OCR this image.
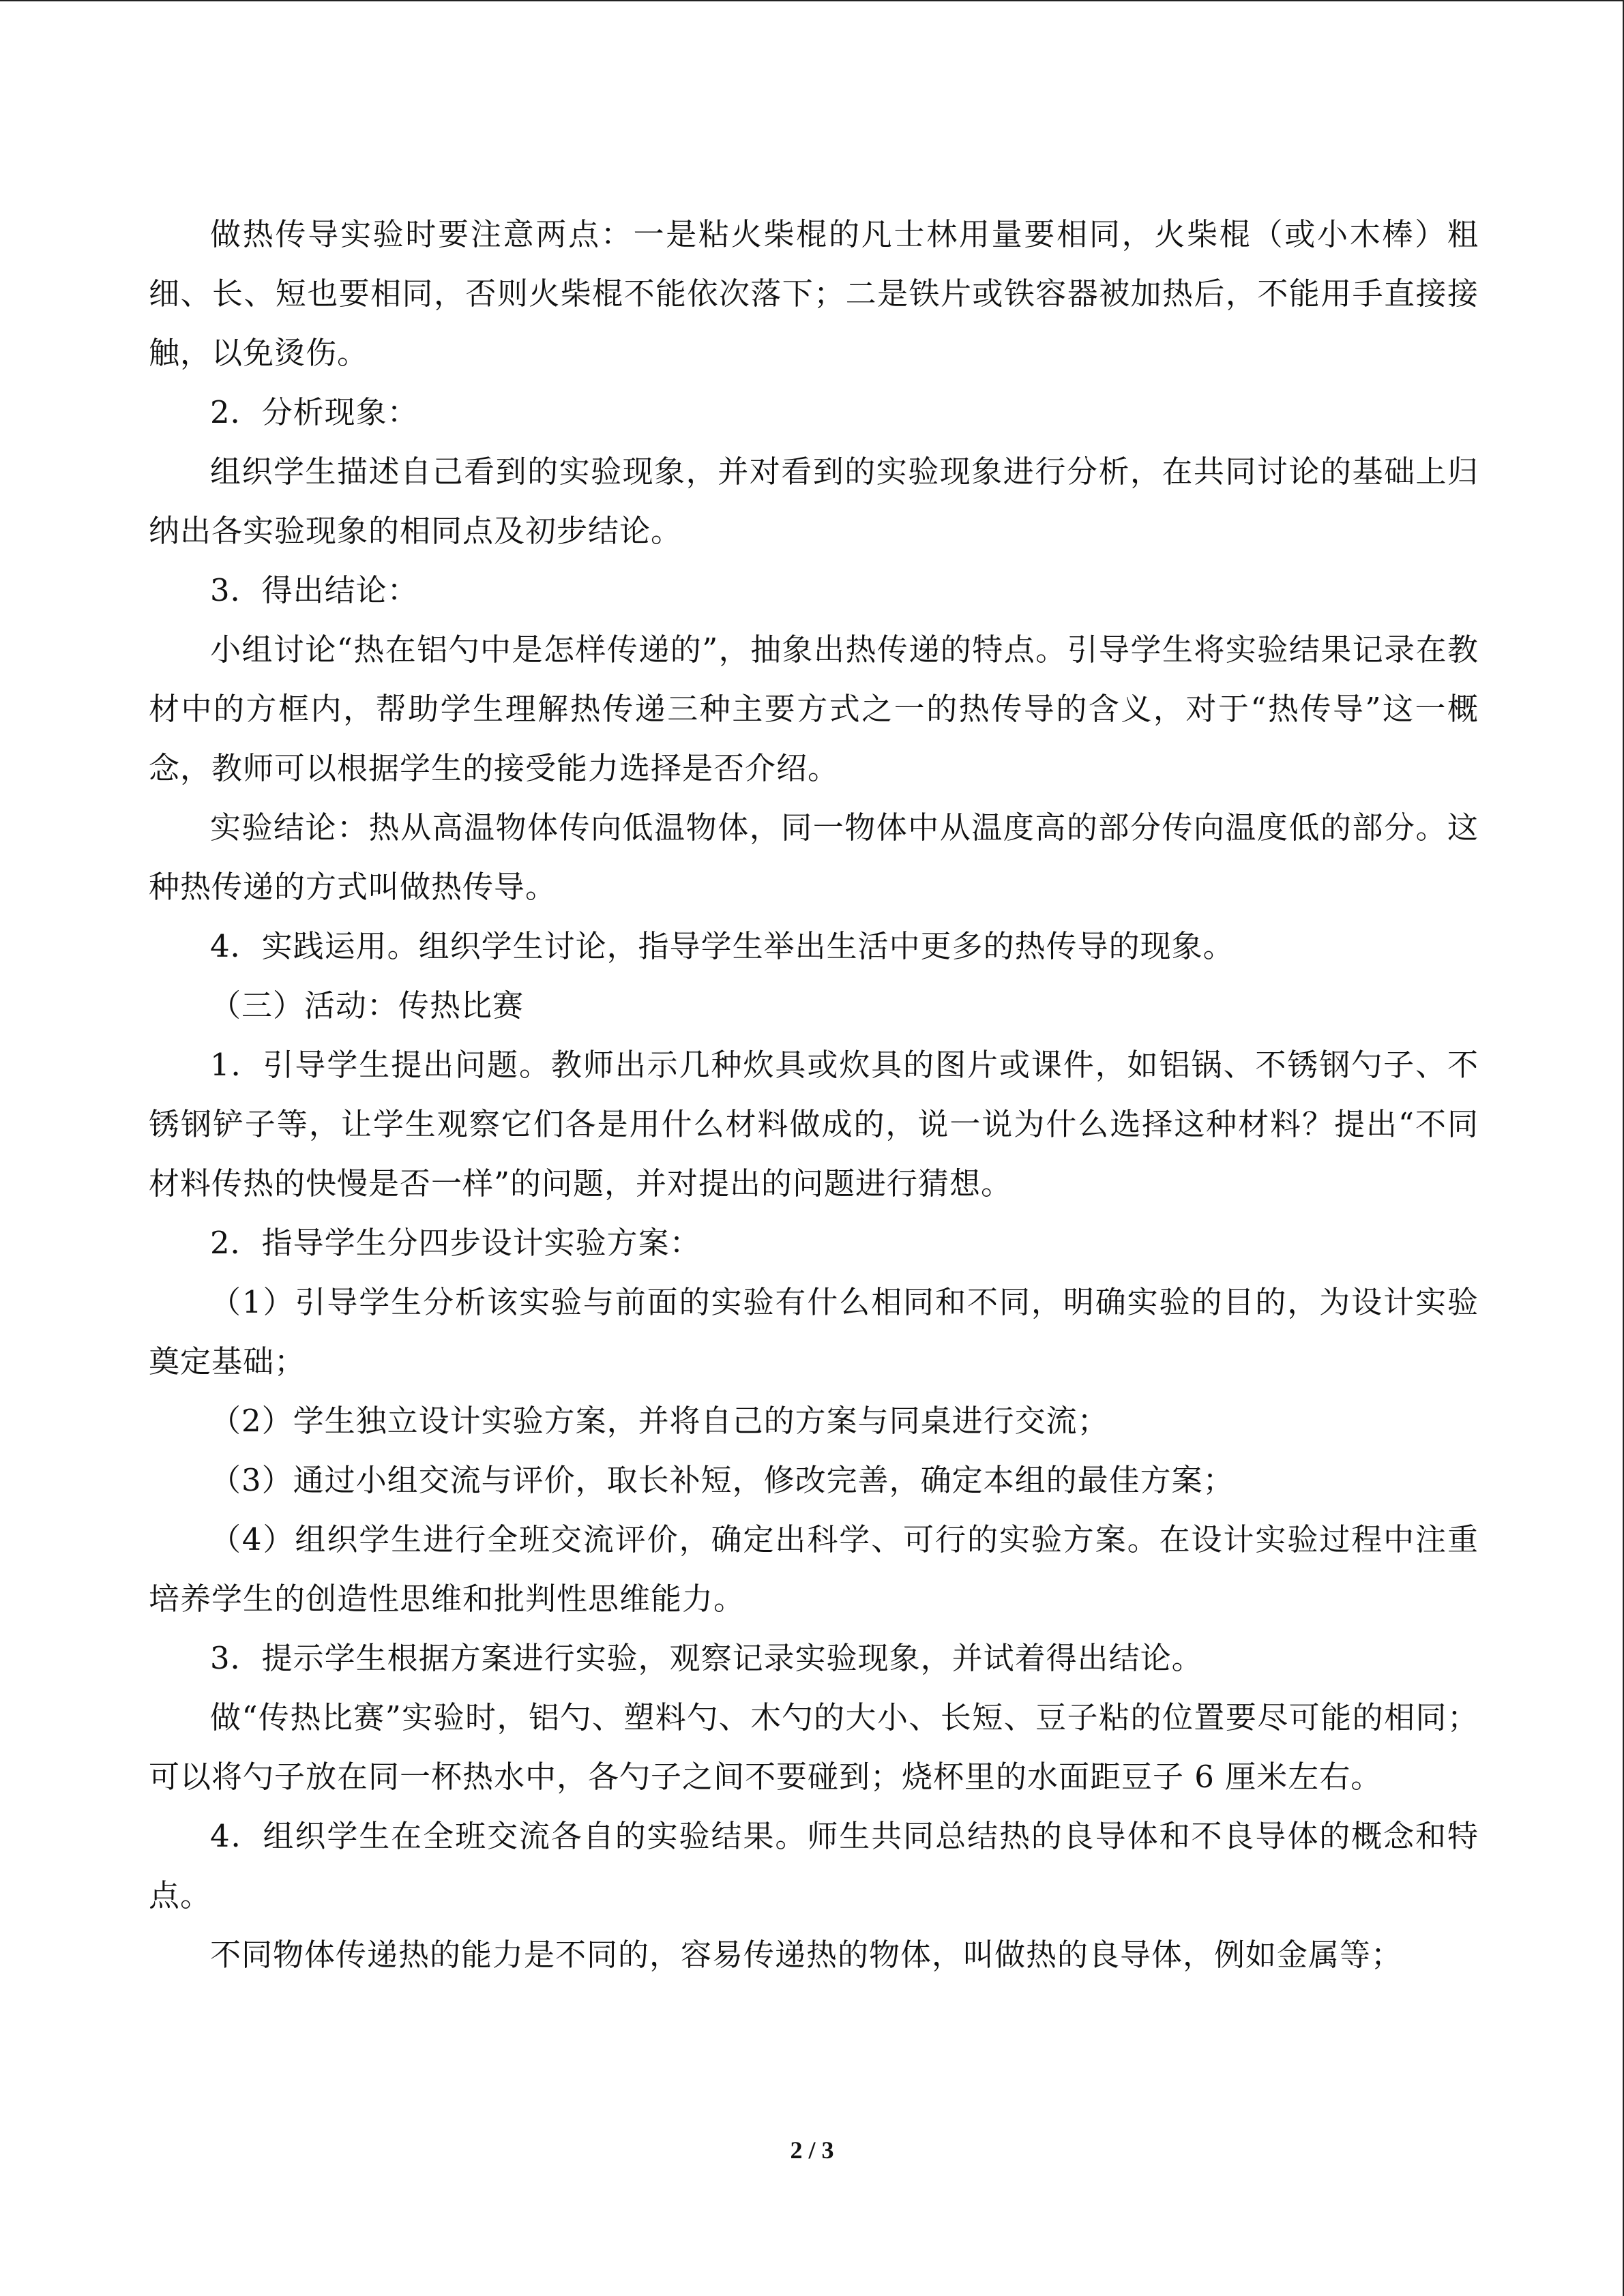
做热传导实验时要注意两点：一是粘火柴棍的凡士林用量要相同，火柴棍（或小木棒）粗细、长、短也要相同，否则火柴棍不能依次落下；二是铁片或铁容器被加热后，不能用手直接接触，以免烫伤。

2．分析现象：

组织学生描述自己看到的实验现象，并对看到的实验现象进行分析，在共同讨论的基础上归纳出各实验现象的相同点及初步结论。

3．得出结论：

小组讨论“热在铝勺中是怎样传递的”，抽象出热传递的特点。引导学生将实验结果记录在教材中的方框内，帮助学生理解热传递三种主要方式之一的热传导的含义，对于“热传导”这一概念，教师可以根据学生的接受能力选择是否介绍。

实验结论：热从高温物体传向低温物体，同一物体中从温度高的部分传向温度低的部分。这种热传递的方式叫做热传导。

4．实践运用。组织学生讨论，指导学生举出生活中更多的热传导的现象。

（三）活动：传热比赛

1．引导学生提出问题。教师出示几种炊具或炊具的图片或课件，如铝锅、不锈钢勺子、不锈钢铲子等，让学生观察它们各是用什么材料做成的，说一说为什么选择这种材料？提出“不同材料传热的快慢是否一样”的问题，并对提出的问题进行猜想。

2．指导学生分四步设计实验方案：

（1）引导学生分析该实验与前面的实验有什么相同和不同，明确实验的目的，为设计实验奠定基础；

（2）学生独立设计实验方案，并将自己的方案与同桌进行交流；

（3）通过小组交流与评价，取长补短，修改完善，确定本组的最佳方案；

（4）组织学生进行全班交流评价，确定出科学、可行的实验方案。在设计实验过程中注重培养学生的创造性思维和批判性思维能力。

3．提示学生根据方案进行实验，观察记录实验现象，并试着得出结论。

做“传热比赛”实验时，铝勺、塑料勺、木勺的大小、长短、豆子粘的位置要尽可能的相同；可以将勺子放在同一杯热水中，各勺子之间不要碰到；烧杯里的水面距豆子 6 厘米左右。

4．组织学生在全班交流各自的实验结果。师生共同总结热的良导体和不良导体的概念和特点。

不同物体传递热的能力是不同的，容易传递热的物体，叫做热的良导体，例如金属等；

2 / 3
